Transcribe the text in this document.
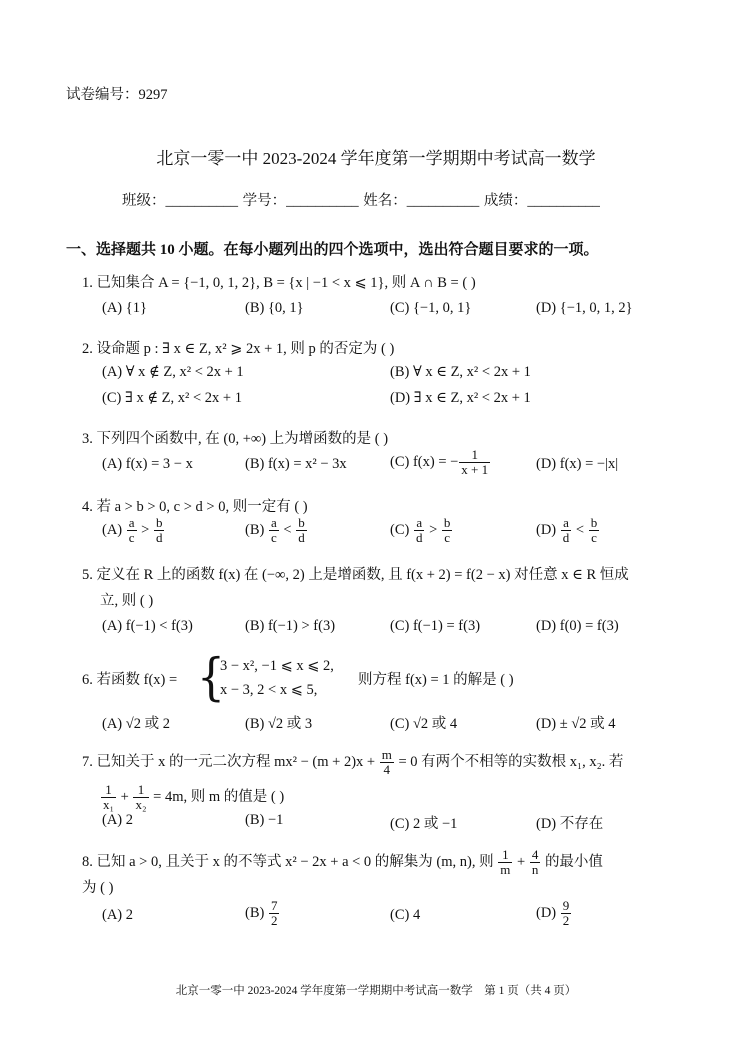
试卷编号：9297
北京一零一中 2023-2024 学年度第一学期期中考试高一数学
班级：__________ 学号：__________ 姓名：__________ 成绩：__________
一、选择题共 10 小题。在每小题列出的四个选项中，选出符合题目要求的一项。
1. 已知集合 A = {−1, 0, 1, 2}, B = {x | −1 < x ⩽ 1}, 则 A ∩ B = ( )
(A) {1}	(B) {0, 1}	(C) {−1, 0, 1}	(D) {−1, 0, 1, 2}
2. 设命题 p : ∃ x ∈ Z, x² ⩾ 2x + 1, 则 p 的否定为 ( )
(A) ∀ x ∉ Z, x² < 2x + 1	(B) ∀ x ∈ Z, x² < 2x + 1
(C) ∃ x ∉ Z, x² < 2x + 1	(D) ∃ x ∈ Z, x² < 2x + 1
3. 下列四个函数中, 在 (0, +∞) 上为增函数的是 ( )
(A) f(x) = 3 − x	(B) f(x) = x² − 3x	(C) f(x) = − $\frac{1}{x + 1}$	(D) f(x) = −|x|
4. 若 a > b > 0, c > d > 0, 则一定有 ( )
$(A) \frac{a}{c} > \frac{b}{d}$	$(B) \frac{a}{c} < \frac{b}{d}$	$(C) \frac{a}{d} > \frac{b}{c}$	$(D) \frac{a}{d} < \frac{b}{c}$
5. 定义在 R 上的函数 f(x) 在 (−∞, 2) 上是增函数, 且 f(x + 2) = f(2 − x) 对任意 x ∈ R 恒成
立, 则 ( )
(A) f(−1) < f(3)	(B) f(−1) > f(3)	(C) f(−1) = f(3)	(D) f(0) = f(3)
6. 若函数 f(x) = {
3 − x², −1 ⩽ x ⩽ 2,
x − 3, 2 < x ⩽ 5,
则方程 f(x) = 1 的解是 ( )
(A) √2 或 2	(B) √2 或 3	(C) √2 或 4	(D) ± √2 或 4
7. 已知关于 x 的一元二次方程 $mx^2 - (m + 2)x + \frac{m}{4} = 0$ 有两个不相等的实数根 x₁, x₂. 若
$\frac{1}{\text{x₁}} + \frac{1}{\text{x₂}} = 4m$, 则 m 的值是 ( )
(A) 2	(B) −1	(C) 2 或 −1	(D) 不存在
8. 已知 a > 0, 且关于 x 的不等式 x² − 2x + a < 0 的解集为 (m, n), 则 $\frac{1}{m} + \frac{4}{n}$ 的最小值
为 ( )
(A) 2	$(B) \frac{7}{2}$	(C) 4	$(D) \frac{9}{2}$
北京一零一中 2023-2024 学年度第一学期期中考试高一数学　第 1 页（共 4 页）
